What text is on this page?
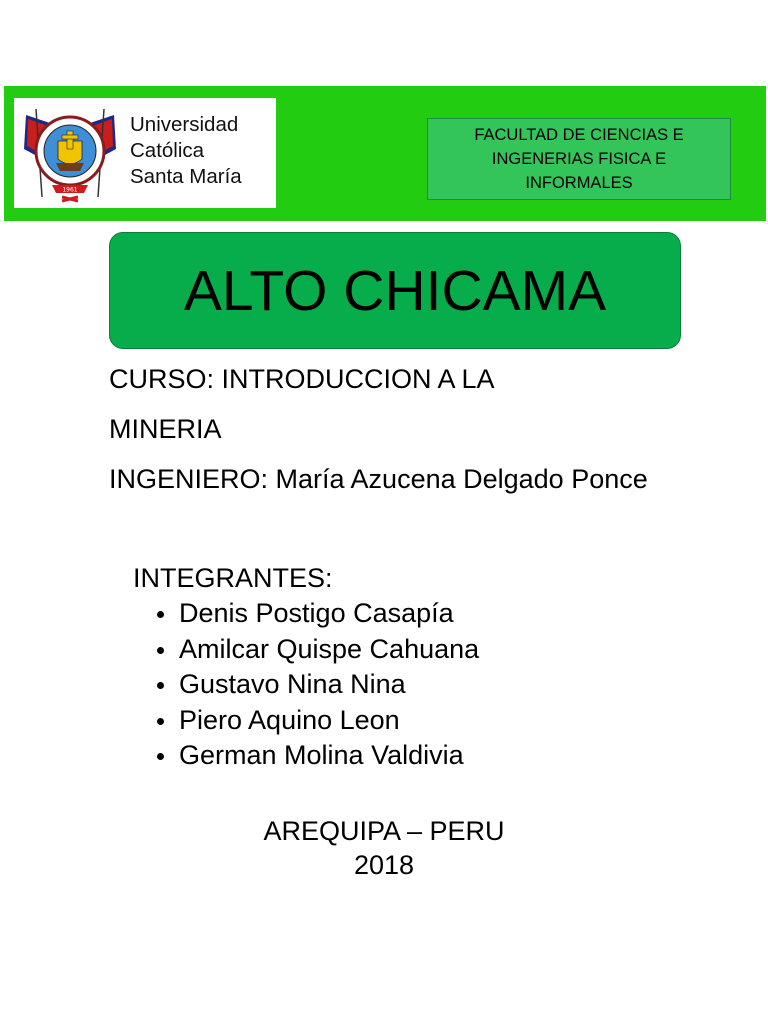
1961
Universidad
Católica
Santa María
FACULTAD DE CIENCIAS E
INGENERIAS FISICA E
INFORMALES
ALTO CHICAMA
CURSO: INTRODUCCION A LA MINERIA
INGENIERO: María Azucena Delgado Ponce
INTEGRANTES:
Denis Postigo Casapía
Amilcar Quispe Cahuana
Gustavo Nina Nina
Piero Aquino Leon
German Molina Valdivia
AREQUIPA – PERU
2018
